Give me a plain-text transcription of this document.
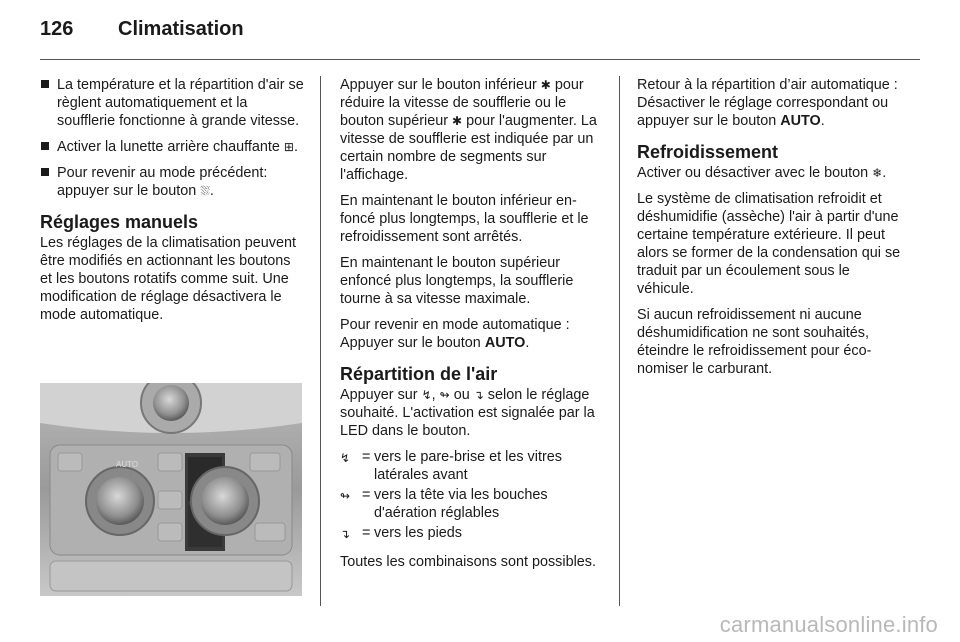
126 Climatisation
La température et la répartition d'air se règlent automatiquement et la soufflerie fonctionne à grande vitesse.
Activer la lunette arrière chauffante ⊞.
Pour revenir au mode précédent: appuyer sur le bouton ⛆.
Réglages manuels

Les réglages de la climatisation peuvent être modifiés en actionnant les boutons et les boutons rotatifs comme suit. Une modification de réglage désactivera le mode automatique.

AUTO

Appuyer sur le bouton inférieur ✱ pour réduire la vitesse de soufflerie ou le bouton supérieur ✱ pour l'augmenter. La vitesse de soufflerie est indiquée par un certain nombre de segments sur l'affichage.

En maintenant le bouton inférieur enfoncé plus longtemps, la soufflerie et le refroidissement sont arrêtés.

En maintenant le bouton supérieur enfoncé plus longtemps, la soufflerie tourne à sa vitesse maximale.

Pour revenir en mode automatique : Appuyer sur le bouton AUTO.

Répartition de l'air

Appuyer sur ↯, ↬ ou ↴ selon le réglage souhaité. L'activation est signalée par la LED dans le bouton.

↯ = vers le pare-brise et les vitres latérales avant
↬ = vers la tête via les bouches d'aération réglables
↴ = vers les pieds

Toutes les combinaisons sont possibles.

Retour à la répartition d’air automatique : Désactiver le réglage correspondant ou appuyer sur le bouton AUTO.

Refroidissement

Activer ou désactiver avec le bouton ❄.

Le système de climatisation refroidit et déshumidifie (assèche) l'air à partir d'une certaine température extérieure. Il peut alors se former de la condensation qui se traduit par un écoulement sous le véhicule.

Si aucun refroidissement ni aucune déshumidification ne sont souhaités, éteindre le refroidissement pour économiser le carburant.

carmanualsonline.info
